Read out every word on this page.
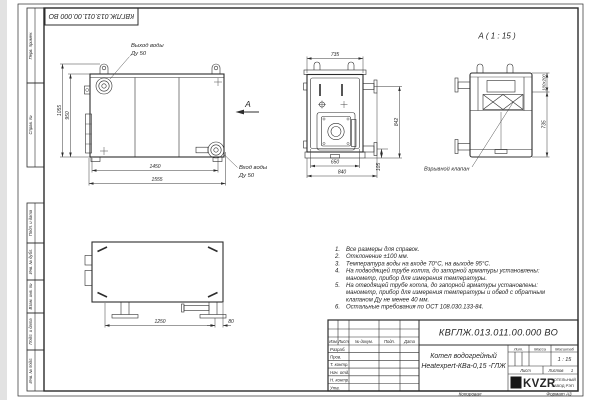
Перв. примен.
Справ. №
Подп. и дата
Инв. № дубл.
Взам. инв. №
Подп. и дата
Инв. № подл.
Копировал	Формат А3
КВГЛЖ.013.011.00.000 ВО
1055 950
1450
1555
Выход воды
Ду 50
Вход воды
Ду 50
А
735
650
840
842
105
А ( 1 : 15 )
100х200
735
Взрывной клапан
1250	80
1. Все размеры для справок.
2. Отклонение ±100 мм.
3. Температура воды на входе 70°С, на выходе 95°С.
4. На подводящей трубе котла, до запорной арматуры установлены:
манометр, прибор для измерения температуры.
5. На отводящей трубе котла, до запорной арматуры установлены:
манометр, прибор для измерения температуры и обвод с обратным
клапаном Ду не менее 40 мм.
6. Остальные требования по ОСТ 108.030.133-84.
Изм Лист № докум.	Подп. Дата
Разраб.
Пров.
Т. контр.
Нач. отд.
Н. контр.
Утв.
КВГЛЖ.013.011.00.000 ВО
Котел водогрейный
Heatexpert-КВа-0,15 -ГЛЖ
Лит.	Масса Масштаб
1 : 15
Лист	Листов 1
KVZR
КОТЕЛЬНЫЙ
ЗАВОД РЭП
